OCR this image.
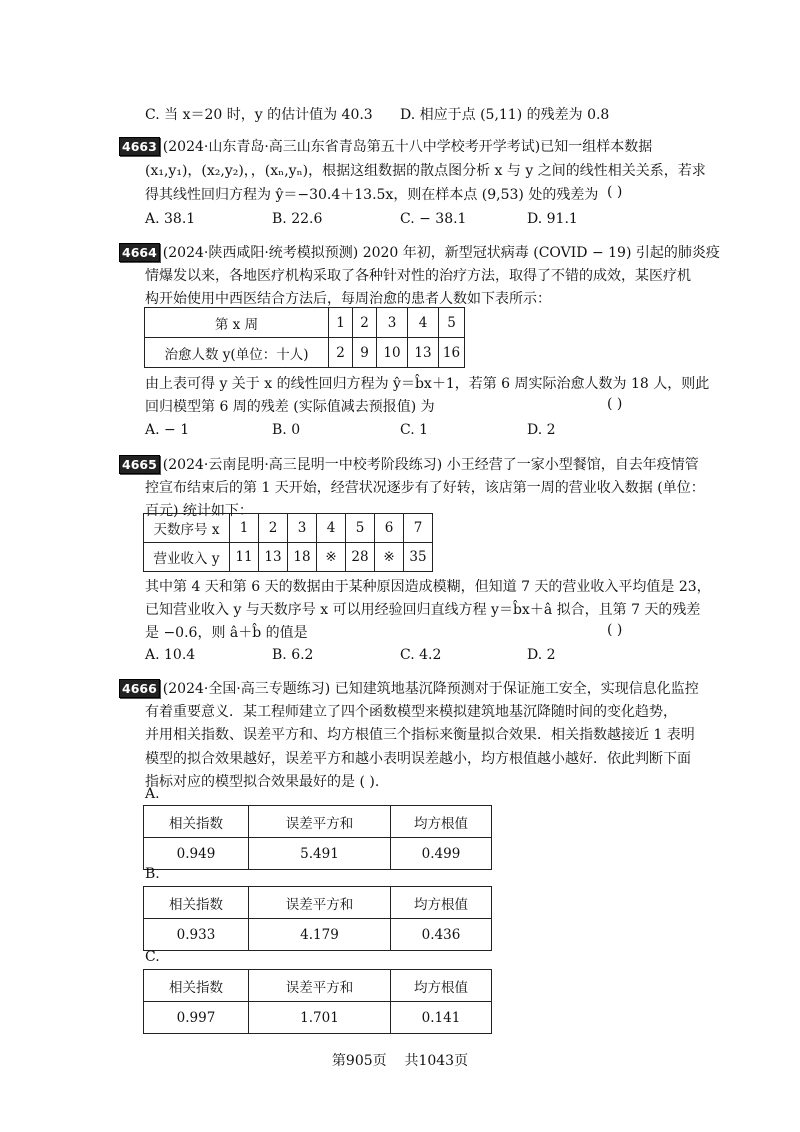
C. 当 x＝20 时，y 的估计值为 40.3 D. 相应于点 (5,11) 的残差为 0.8
4663 (2024·山东青岛·高三山东省青岛第五十八中学校考开学考试)已知一组样本数据
(x₁,y₁)，(x₂,y₂)，，(xₙ,yₙ)，根据这组数据的散点图分析 x 与 y 之间的线性相关关系，若求
得其线性回归方程为 ŷ＝−30.4＋13.5x，则在样本点 (9,53) 处的残差为 ( )
A. 38.1	B. 22.6	C. − 38.1	D. 91.1
4664 (2024·陕西咸阳·统考模拟预测) 2020 年初，新型冠状病毒 (COVID − 19) 引起的肺炎疫
情爆发以来，各地医疗机构采取了各种针对性的治疗方法，取得了不错的成效，某医疗机
构开始使用中西医结合方法后，每周治愈的患者人数如下表所示：
第 x 周	1	2	3	4	5
治愈人数 y(单位：十人)	2	9	10	13	16
由上表可得 y 关于 x 的线性回归方程为 ŷ＝b̂x＋1，若第 6 周实际治愈人数为 18 人，则此
回归模型第 6 周的残差 (实际值减去预报值) 为	( )
A. − 1	B. 0	C. 1	D. 2
4665 (2024·云南昆明·高三昆明一中校考阶段练习) 小王经营了一家小型餐馆，自去年疫情管
控宣布结束后的第 1 天开始，经营状况逐步有了好转，该店第一周的营业收入数据 (单位：
百元) 统计如下：
天数序号 x	1	2	3	4	5	6	7
营业收入 y	11	13	18	※	28	※	35
其中第 4 天和第 6 天的数据由于某种原因造成模糊，但知道 7 天的营业收入平均值是 23，
已知营业收入 y 与天数序号 x 可以用经验回归直线方程 y＝b̂x＋â 拟合，且第 7 天的残差
是 −0.6，则 â＋b̂ 的值是	( )
A. 10.4	B. 6.2	C. 4.2	D. 2
4666 (2024·全国·高三专题练习) 已知建筑地基沉降预测对于保证施工安全，实现信息化监控
有着重要意义．某工程师建立了四个函数模型来模拟建筑地基沉降随时间的变化趋势，
并用相关指数、误差平方和、均方根值三个指标来衡量拟合效果．相关指数越接近 1 表明
模型的拟合效果越好，误差平方和越小表明误差越小，均方根值越小越好．依此判断下面
指标对应的模型拟合效果最好的是 ( ).
A.
相关指数	误差平方和	均方根值
0.949	5.491	0.499
B.
相关指数	误差平方和	均方根值
0.933	4.179	0.436
C.
相关指数	误差平方和	均方根值
0.997	1.701	0.141
第905页 共1043页
